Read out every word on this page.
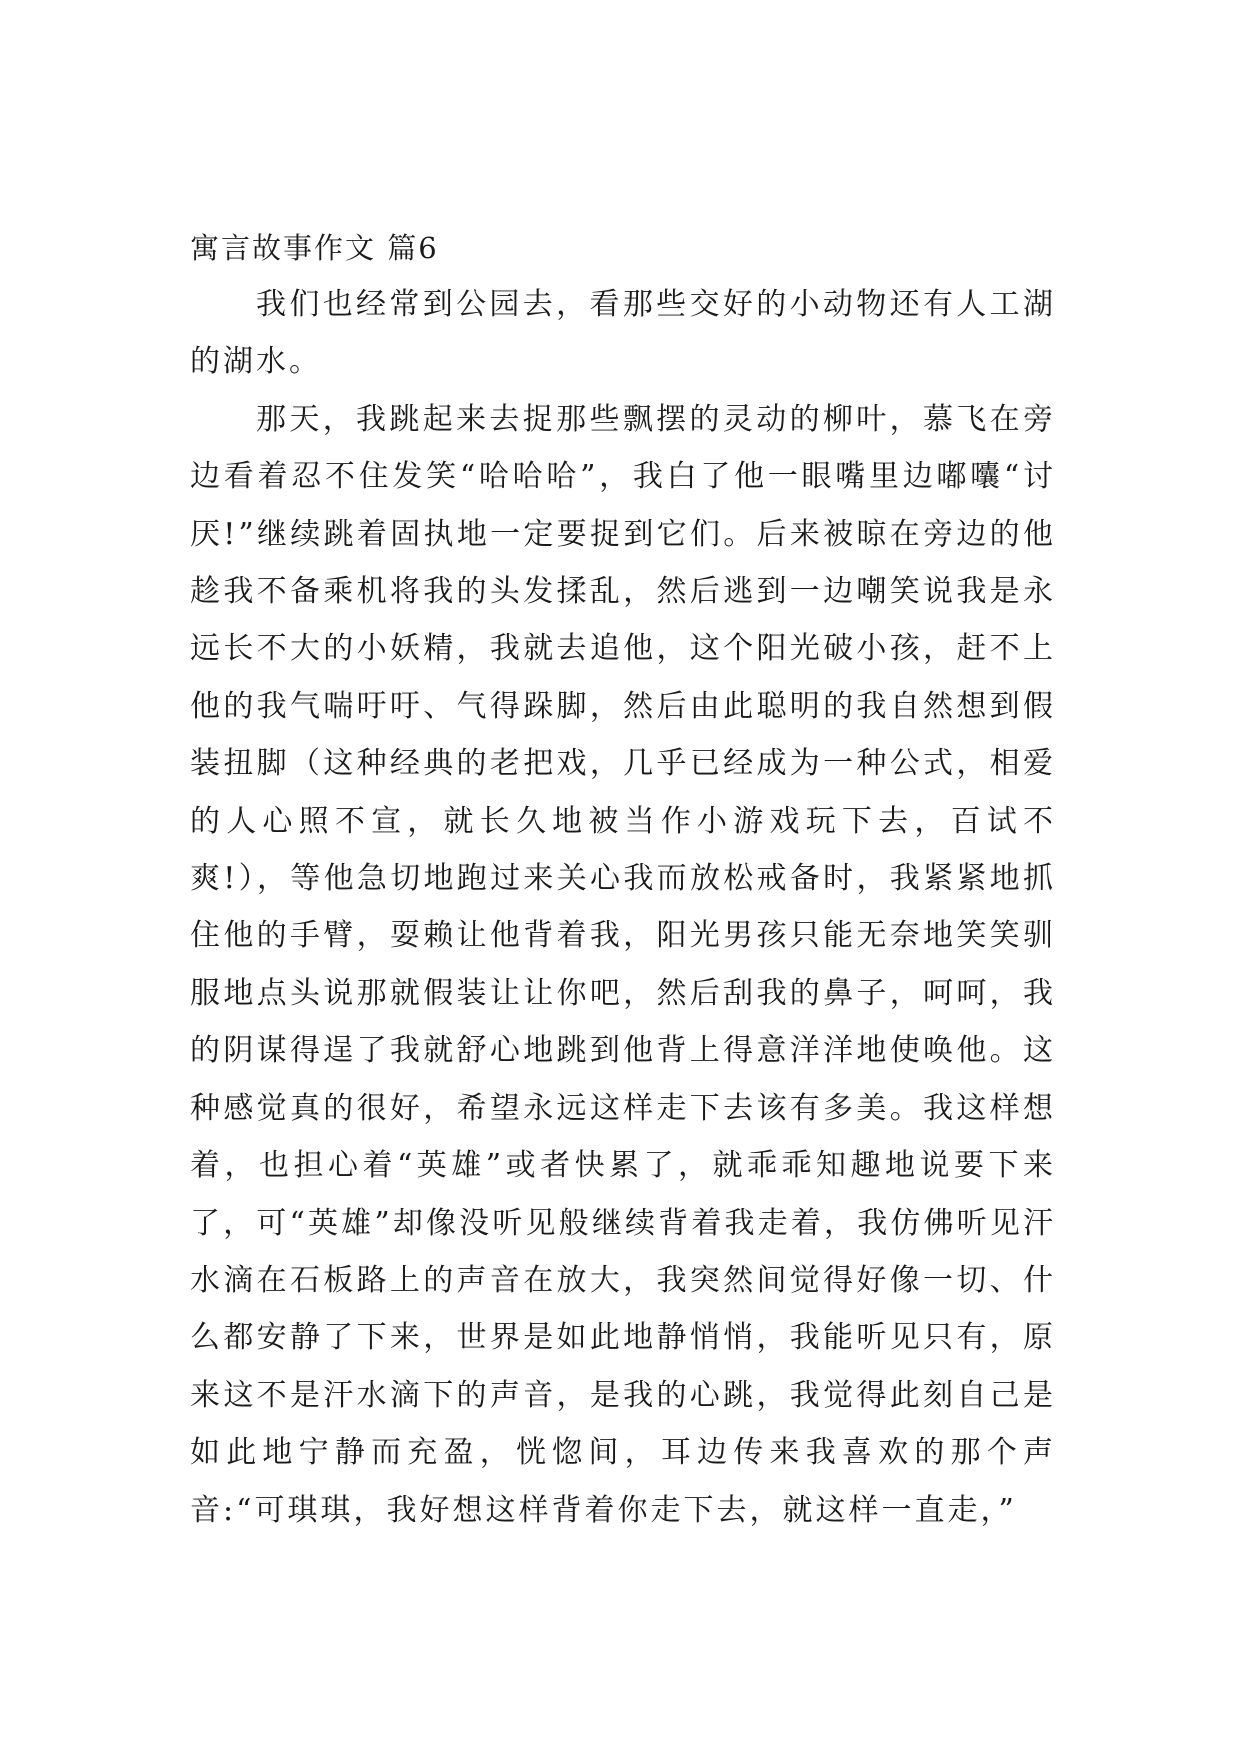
寓言故事作文 篇6

我们也经常到公园去，看那些交好的小动物还有人工湖的湖水。

那天，我跳起来去捉那些飘摆的灵动的柳叶，慕飞在旁边看着忍不住发笑“哈哈哈”，我白了他一眼嘴里边嘟囔“讨厌!”继续跳着固执地一定要捉到它们。后来被晾在旁边的他趁我不备乘机将我的头发揉乱，然后逃到一边嘲笑说我是永远长不大的小妖精，我就去追他，这个阳光破小孩，赶不上他的我气喘吁吁、气得跺脚，然后由此聪明的我自然想到假装扭脚（这种经典的老把戏，几乎已经成为一种公式，相爱的人心照不宣，就长久地被当作小游戏玩下去，百试不爽!），等他急切地跑过来关心我而放松戒备时，我紧紧地抓住他的手臂，耍赖让他背着我，阳光男孩只能无奈地笑笑驯服地点头说那就假装让让你吧，然后刮我的鼻子，呵呵，我的阴谋得逞了我就舒心地跳到他背上得意洋洋地使唤他。这种感觉真的很好，希望永远这样走下去该有多美。我这样想着，也担心着“英雄”或者快累了，就乖乖知趣地说要下来了，可“英雄”却像没听见般继续背着我走着，我仿佛听见汗水滴在石板路上的声音在放大，我突然间觉得好像一切、什么都安静了下来，世界是如此地静悄悄，我能听见只有，原来这不是汗水滴下的声音，是我的心跳，我觉得此刻自己是如此地宁静而充盈，恍惚间，耳边传来我喜欢的那个声音:“可琪琪，我好想这样背着你走下去，就这样一直走，”
